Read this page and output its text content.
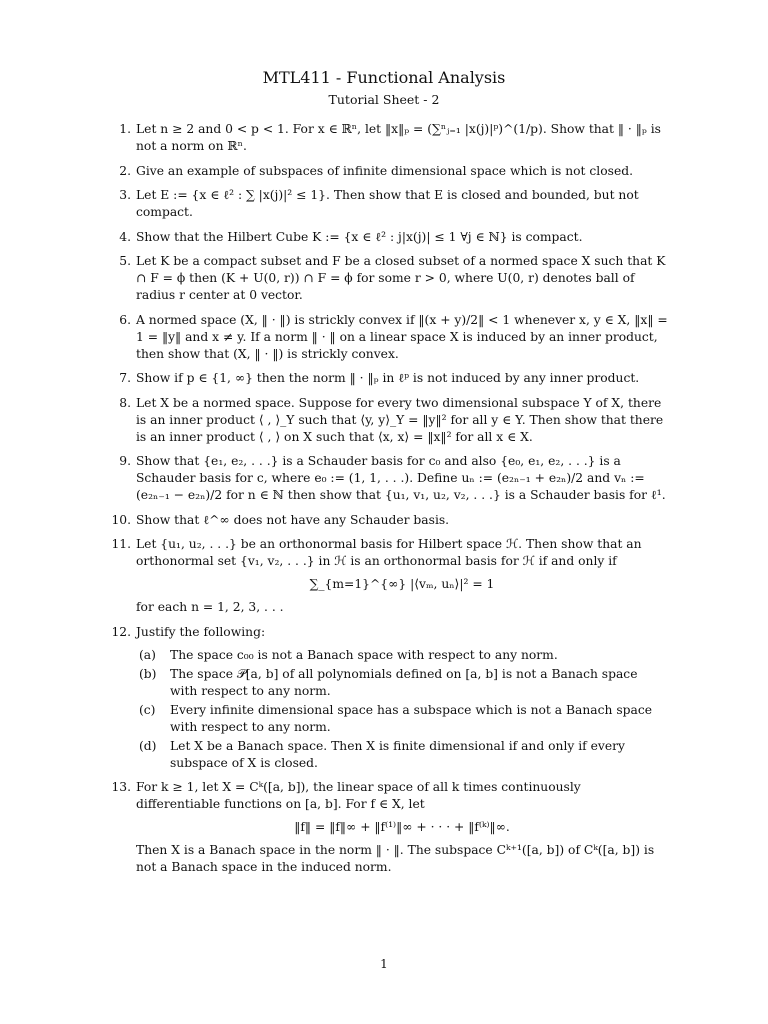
MTL411 - Functional Analysis
Tutorial Sheet - 2
1. Let n ≥ 2 and 0 < p < 1. For x ∈ ℝⁿ, let ‖x‖ₚ = (∑ⁿⱼ₌₁ |x(j)|ᵖ)^(1/p). Show that ‖ · ‖ₚ is not a norm on ℝⁿ.
2. Give an example of subspaces of infinite dimensional space which is not closed.
3. Let E := {x ∈ ℓ² : ∑ |x(j)|² ≤ 1}. Then show that E is closed and bounded, but not compact.
4. Show that the Hilbert Cube K := {x ∈ ℓ² : j|x(j)| ≤ 1 ∀j ∈ ℕ} is compact.
5. Let K be a compact subset and F be a closed subset of a normed space X such that K ∩ F = ϕ then (K + U(0, r)) ∩ F = ϕ for some r > 0, where U(0, r) denotes ball of radius r center at 0 vector.
6. A normed space (X, ‖ · ‖) is strickly convex if ‖(x + y)/2‖ < 1 whenever x, y ∈ X, ‖x‖ = 1 = ‖y‖ and x ≠ y. If a norm ‖ · ‖ on a linear space X is induced by an inner product, then show that (X, ‖ · ‖) is strickly convex.
7. Show if p ∈ {1, ∞} then the norm ‖ · ‖ₚ in ℓᵖ is not induced by any inner product.
8. Let X be a normed space. Suppose for every two dimensional subspace Y of X, there is an inner product ⟨ , ⟩_Y such that ⟨y, y⟩_Y = ‖y‖² for all y ∈ Y. Then show that there is an inner product ⟨ , ⟩ on X such that ⟨x, x⟩ = ‖x‖² for all x ∈ X.
9. Show that {e₁, e₂, . . .} is a Schauder basis for c₀ and also {e₀, e₁, e₂, . . .} is a Schauder basis for c, where e₀ := (1, 1, . . .). Define uₙ := (e₂ₙ₋₁ + e₂ₙ)/2 and vₙ := (e₂ₙ₋₁ − e₂ₙ)/2 for n ∈ ℕ then show that {u₁, v₁, u₂, v₂, . . .} is a Schauder basis for ℓ¹.
10. Show that ℓ^∞ does not have any Schauder basis.
11. Let {u₁, u₂, . . .} be an orthonormal basis for Hilbert space ℋ. Then show that an orthonormal set {v₁, v₂, . . .} in ℋ is an orthonormal basis for ℋ if and only if
∑_{m=1}^{∞} |⟨vₘ, uₙ⟩|² = 1
for each n = 1, 2, 3, . . .
12. Justify the following:
(a) The space c₀₀ is not a Banach space with respect to any norm.
(b) The space 𝒫[a, b] of all polynomials defined on [a, b] is not a Banach space with respect to any norm.
(c) Every infinite dimensional space has a subspace which is not a Banach space with respect to any norm.
(d) Let X be a Banach space. Then X is finite dimensional if and only if every subspace of X is closed.
13. For k ≥ 1, let X = Cᵏ([a, b]), the linear space of all k times continuously differentiable functions on [a, b]. For f ∈ X, let
‖f‖ = ‖f‖∞ + ‖f⁽¹⁾‖∞ + · · · + ‖f⁽ᵏ⁾‖∞.
Then X is a Banach space in the norm ‖ · ‖. The subspace Cᵏ⁺¹([a, b]) of Cᵏ([a, b]) is not a Banach space in the induced norm.
1
